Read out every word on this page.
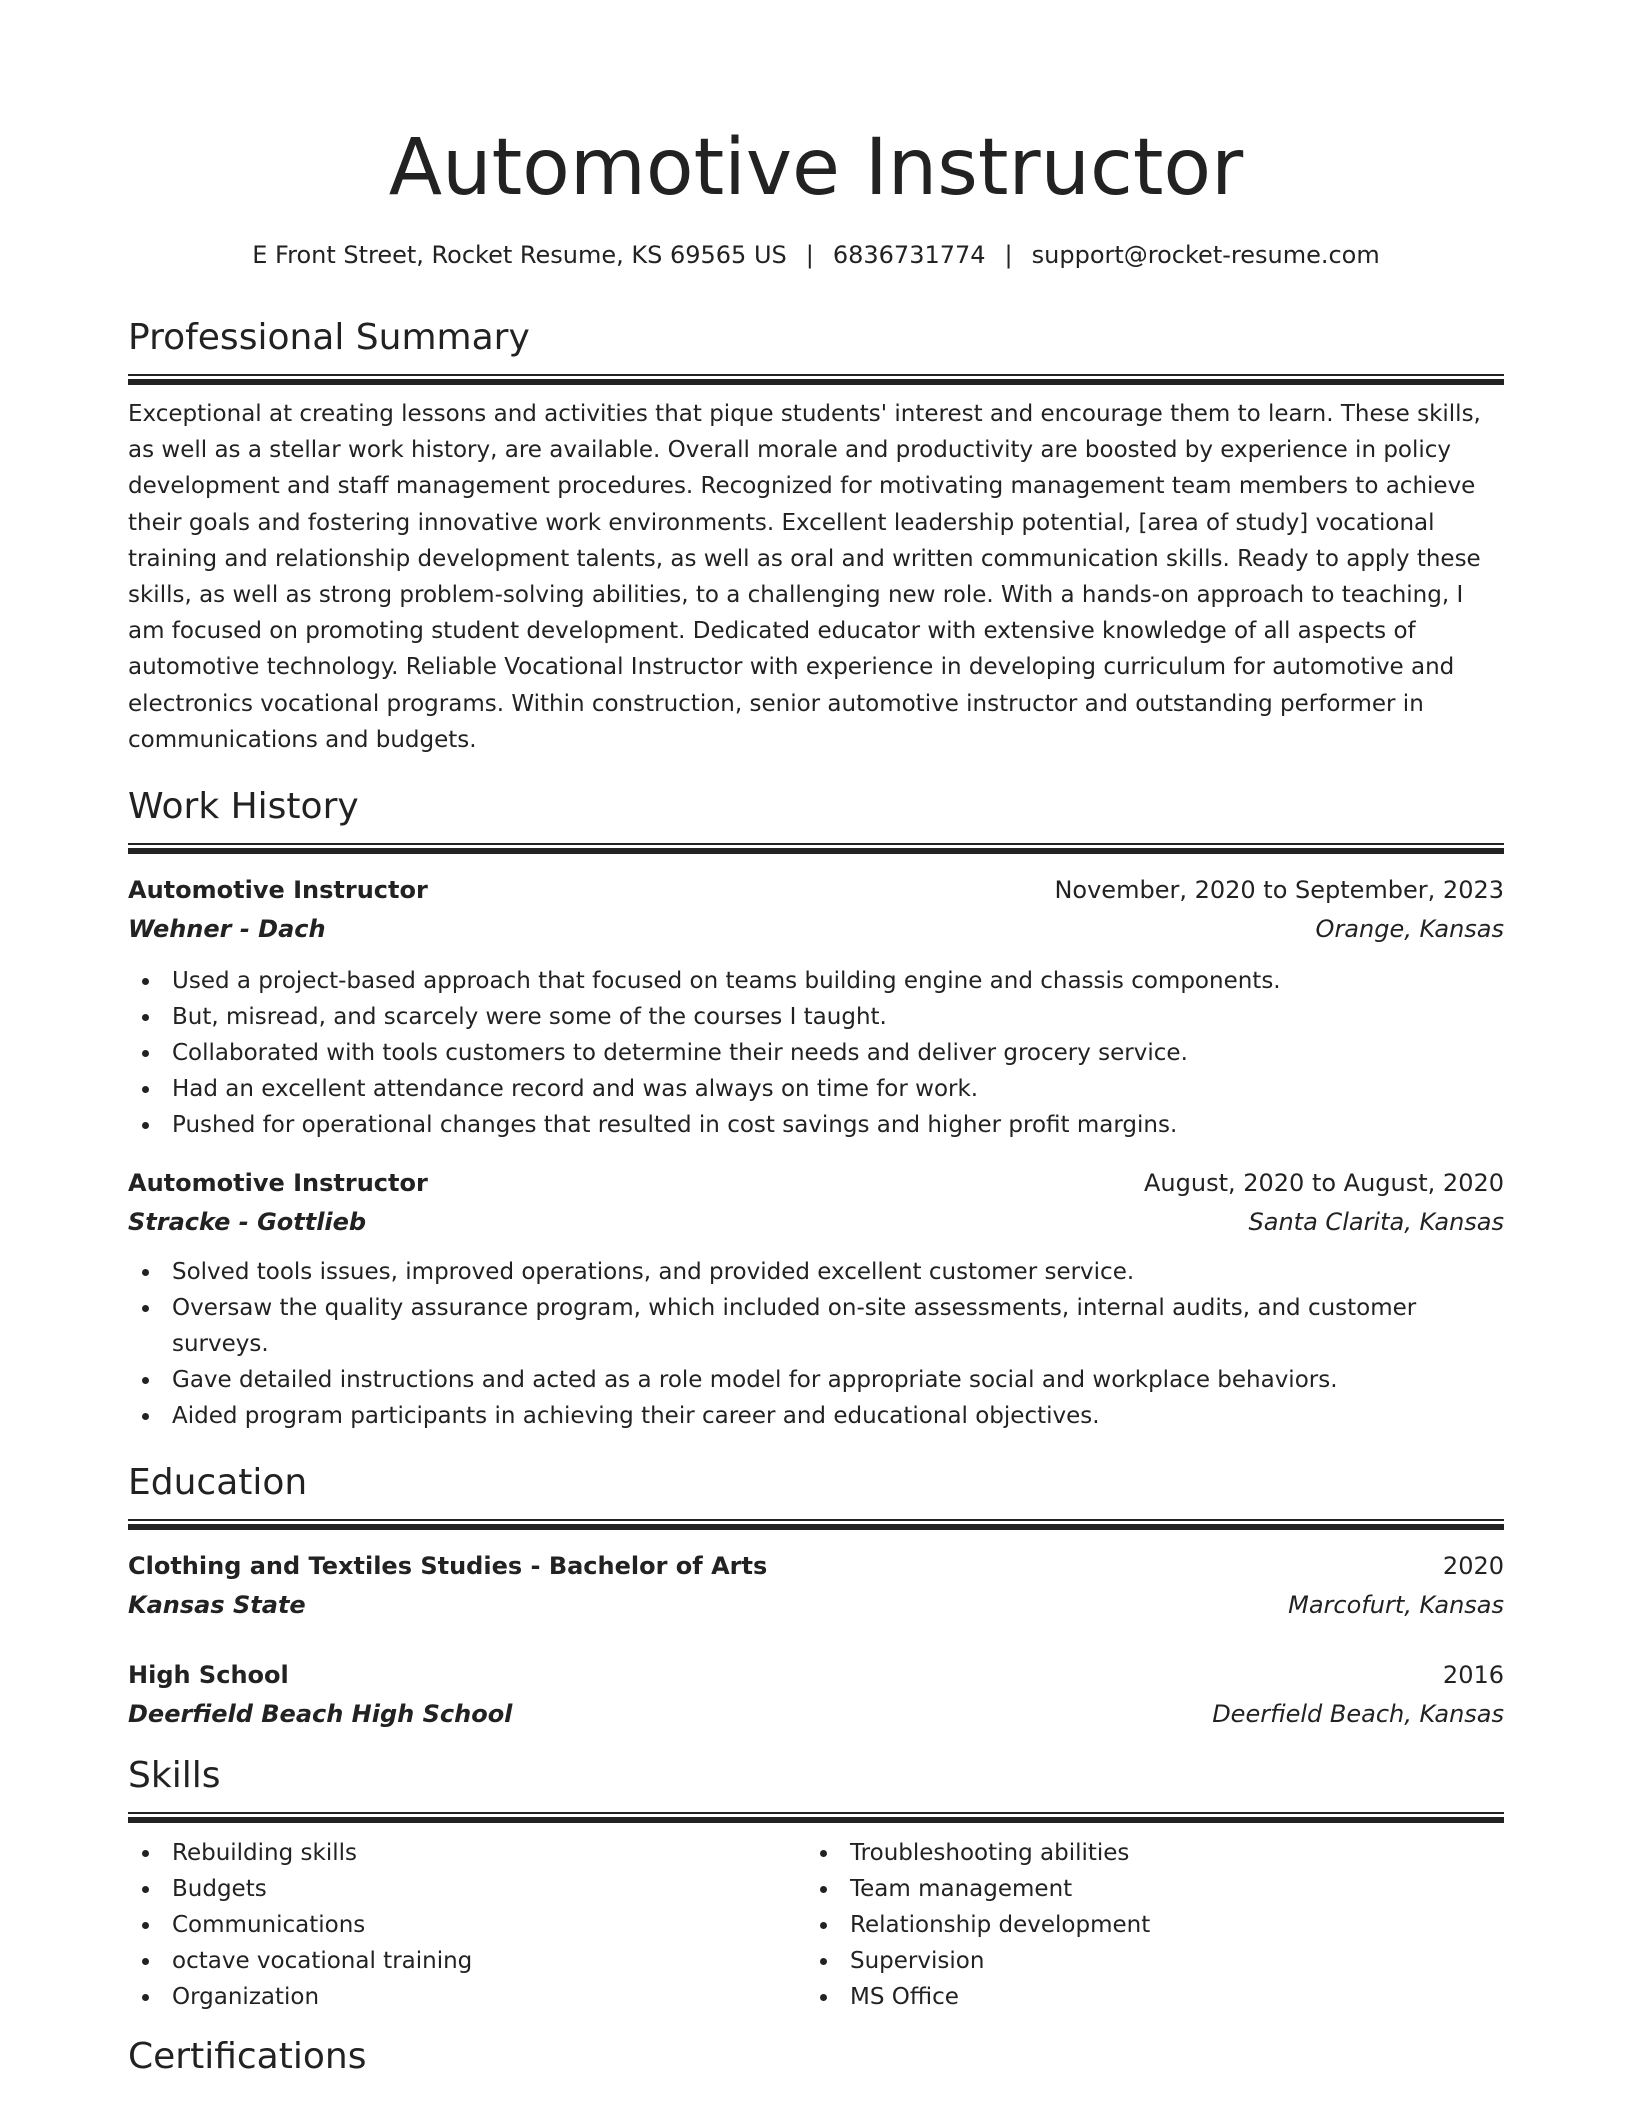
Automotive Instructor
E Front Street, Rocket Resume, KS 69565 US | 6836731774 | support@rocket-resume.com
Professional Summary
Exceptional at creating lessons and activities that pique students' interest and encourage them to learn. These skills, as well as a stellar work history, are available. Overall morale and productivity are boosted by experience in policy development and staff management procedures. Recognized for motivating management team members to achieve their goals and fostering innovative work environments. Excellent leadership potential, [area of study] vocational training and relationship development talents, as well as oral and written communication skills. Ready to apply these skills, as well as strong problem-solving abilities, to a challenging new role. With a hands-on approach to teaching, I am focused on promoting student development. Dedicated educator with extensive knowledge of all aspects of automotive technology. Reliable Vocational Instructor with experience in developing curriculum for automotive and electronics vocational programs. Within construction, senior automotive instructor and outstanding performer in communications and budgets.
Work History
Automotive Instructor	November, 2020 to September, 2023
Wehner - Dach	Orange, Kansas
Used a project-based approach that focused on teams building engine and chassis components.
But, misread, and scarcely were some of the courses I taught.
Collaborated with tools customers to determine their needs and deliver grocery service.
Had an excellent attendance record and was always on time for work.
Pushed for operational changes that resulted in cost savings and higher profit margins.
Automotive Instructor	August, 2020 to August, 2020
Stracke - Gottlieb	Santa Clarita, Kansas
Solved tools issues, improved operations, and provided excellent customer service.
Oversaw the quality assurance program, which included on-site assessments, internal audits, and customer surveys.
Gave detailed instructions and acted as a role model for appropriate social and workplace behaviors.
Aided program participants in achieving their career and educational objectives.
Education
Clothing and Textiles Studies - Bachelor of Arts	2020
Kansas State	Marcofurt, Kansas
High School	2016
Deerfield Beach High School	Deerfield Beach, Kansas
Skills
Rebuilding skills
Budgets
Communications
octave vocational training
Organization
Troubleshooting abilities
Team management
Relationship development
Supervision
MS Office
Certifications
